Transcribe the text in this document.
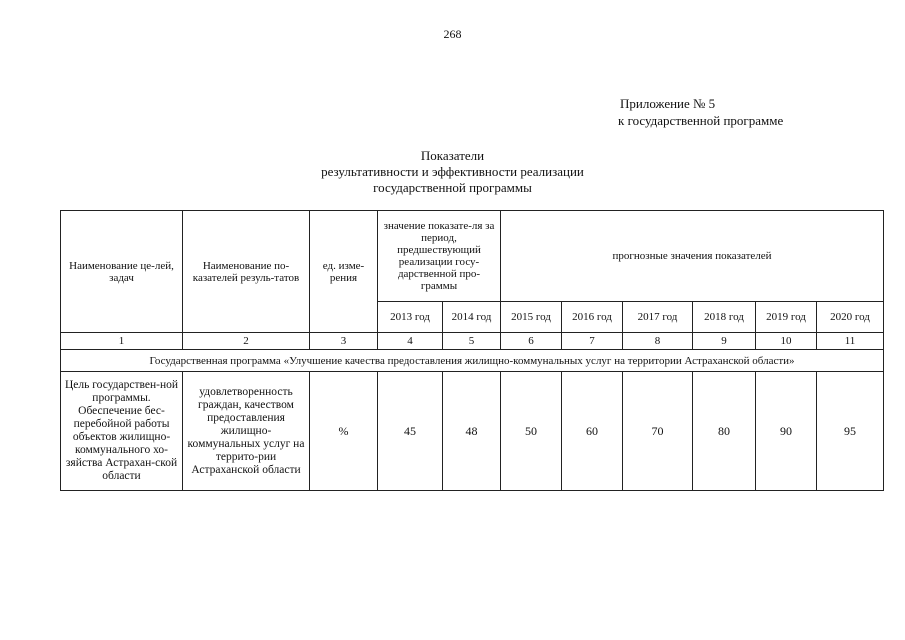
268
Приложение № 5
к государственной программе
Показатели
результативности и эффективности реализации
государственной программы
Наименование це-лей, задач	Наименование по-казателей резуль-татов	ед. изме-рения	значение показате-ля за период, предшествующий реализации госу-дарственной про-граммы		прогнозные значения показателей					
			2013 год	2014 год	2015 год	2016 год	2017 год	2018 год	2019 год	2020 год
1	2	3	4	5	6	7	8	9	10	11
Государственная программа «Улучшение качества предоставления жилищно-коммунальных услуг на территории Астраханской области»										
Цель государствен-ной программы. Обеспечение бес-перебойной работы объектов жилищно-коммунального хо-зяйства Астрахан-ской области	удовлетворенность граждан, качеством предоставления жилищно-коммунальных услуг на террито-рии Астраханской области	%	45	48	50	60	70	80	90	95
